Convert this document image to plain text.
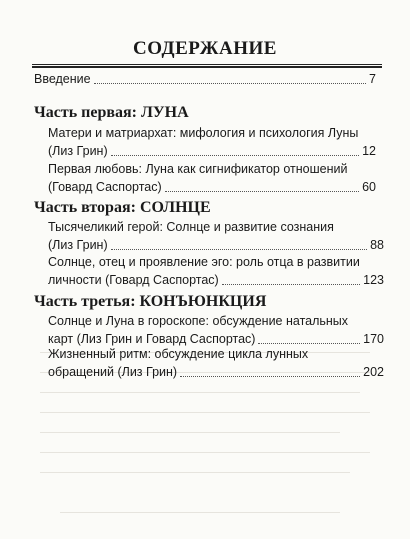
СОДЕРЖАНИЕ
Введение	7
Часть первая: ЛУНА
Матери и матриархат: мифология и психология Луны
(Лиз Грин)	12
Первая любовь: Луна как сигнификатор отношений
(Говард Саспортас)	60
Часть вторая: СОЛНЦЕ
Тысячеликий герой: Солнце и развитие сознания
(Лиз Грин)	88
Солнце, отец и проявление эго: роль отца в развитии
личности (Говард Саспортас)	123
Часть третья: КОНЪЮНКЦИЯ
Солнце и Луна в гороскопе: обсуждение натальных
карт (Лиз Грин и Говард Саспортас)	170
Жизненный ритм: обсуждение цикла лунных
обращений (Лиз Грин)	202
